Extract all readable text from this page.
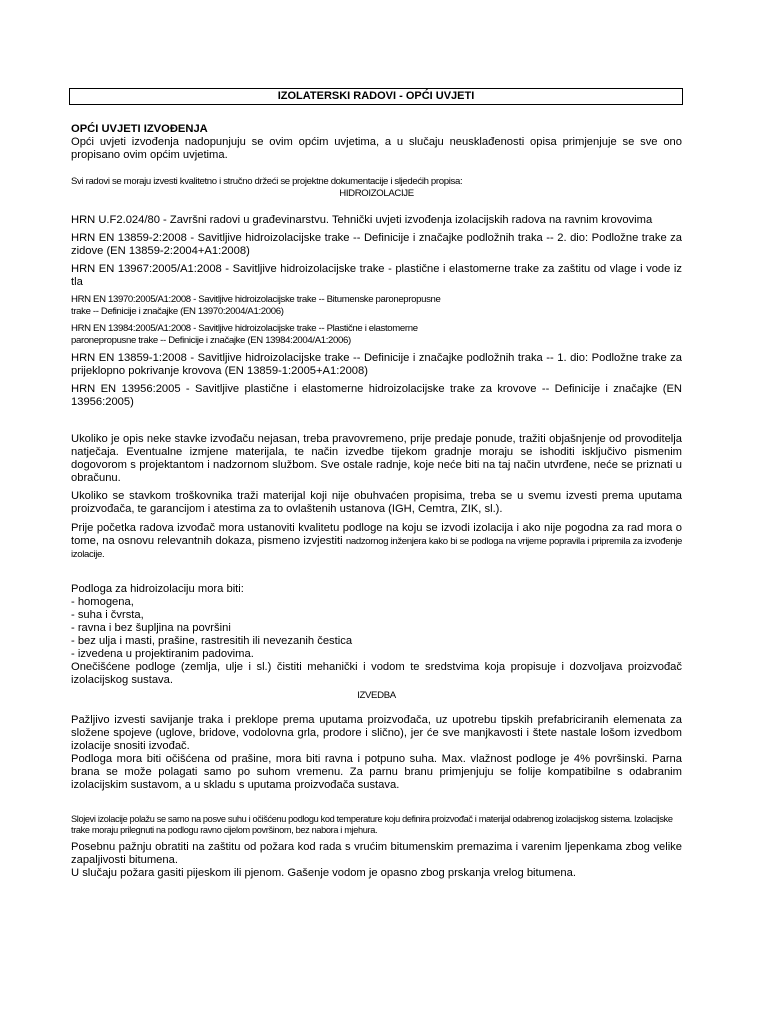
IZOLATERSKI RADOVI - OPĆI UVJETI

OPĆI UVJETI IZVOĐENJA

Opći uvjeti izvođenja nadopunjuju se ovim općim uvjetima, a u slučaju neusklađenosti opisa primjenjuje se sve ono propisano ovim općim uvjetima.

Svi radovi se moraju izvesti kvalitetno i stručno držeći se projektne dokumentacije i sljedećih propisa:

HIDROIZOLACIJE

HRN U.F2.024/80 - Završni radovi u građevinarstvu. Tehnički uvjeti izvođenja izolacijskih radova na ravnim krovovima

HRN EN 13859-2:2008 - Savitljive hidroizolacijske trake -- Definicije i značajke podložnih traka -- 2. dio: Podložne trake za zidove (EN 13859-2:2004+A1:2008)

HRN EN 13967:2005/A1:2008 - Savitljive hidroizolacijske trake - plastične i elastomerne trake za zaštitu od vlage i vode iz tla

HRN EN 13970:2005/A1:2008 - Savitljive hidroizolacijske trake -- Bitumenske paronepropusne

trake -- Definicije i značajke (EN 13970:2004/A1:2006)

HRN EN 13984:2005/A1:2008 - Savitljive hidroizolacijske trake -- Plastične i elastomerne

paronepropusne trake -- Definicije i značajke (EN 13984:2004/A1:2006)

HRN EN 13859-1:2008 - Savitljive hidroizolacijske trake -- Definicije i značajke podložnih traka -- 1. dio: Podložne trake za prijeklopno pokrivanje krovova (EN 13859-1:2005+A1:2008)

HRN EN 13956:2005 - Savitljive plastične i elastomerne hidroizolacijske trake za krovove -- Definicije i značajke (EN 13956:2005)

Ukoliko je opis neke stavke izvođaču nejasan, treba pravovremeno, prije predaje ponude, tražiti objašnjenje od provoditelja natječaja. Eventualne izmjene materijala, te način izvedbe tijekom gradnje moraju se ishoditi isključivo pismenim dogovorom s projektantom i nadzornom službom. Sve ostale radnje, koje neće biti na taj način utvrđene, neće se priznati u obračunu.

Ukoliko se stavkom troškovnika traži materijal koji nije obuhvaćen propisima, treba se u svemu izvesti prema uputama proizvođača, te garancijom i atestima za to ovlaštenih ustanova (IGH, Cemtra, ZIK, sl.).

Prije početka radova izvođač mora ustanoviti kvalitetu podloge na koju se izvodi izolacija i ako nije pogodna za rad mora o tome, na osnovu relevantnih dokaza, pismeno izvjestiti nadzornog inženjera kako bi se podloga na vrijeme popravila i pripremila za izvođenje izolacije.

Podloga za hidroizolaciju mora biti:

- homogena,
- suha i čvrsta,
- ravna i bez šupljina na površini
- bez ulja i masti, prašine, rastresitih ili nevezanih čestica
- izvedena u projektiranim padovima.

Onečišćene podloge (zemlja, ulje i sl.) čistiti mehanički i vodom te sredstvima koja propisuje i dozvoljava proizvođač izolacijskog sustava.

IZVEDBA

Pažljivo izvesti savijanje traka i preklope prema uputama proizvođača, uz upotrebu tipskih prefabriciranih elemenata za složene spojeve (uglove, bridove, vodolovna grla, prodore i slično), jer će sve manjkavosti i štete nastale lošom izvedbom izolacije snositi izvođač.

Podloga mora biti očišćena od prašine, mora biti ravna i potpuno suha. Max. vlažnost podloge je 4% površinski. Parna brana se može polagati samo po suhom vremenu. Za parnu branu primjenjuju se folije kompatibilne s odabranim izolacijskim sustavom, a u skladu s uputama proizvođača sustava.

Slojevi izolacije polažu se samo na posve suhu i očišćenu podlogu kod temperature koju definira proizvođač i materijal odabrenog izolacijskog sistema. Izolacijske trake moraju prilegnuti na podlogu ravno cijelom površinom, bez nabora i mjehura.

Posebnu pažnju obratiti na zaštitu od požara kod rada s vrućim bitumenskim premazima i varenim ljepenkama zbog velike zapaljivosti bitumena.

U slučaju požara gasiti pijeskom ili pjenom. Gašenje vodom je opasno zbog prskanja vrelog bitumena.
